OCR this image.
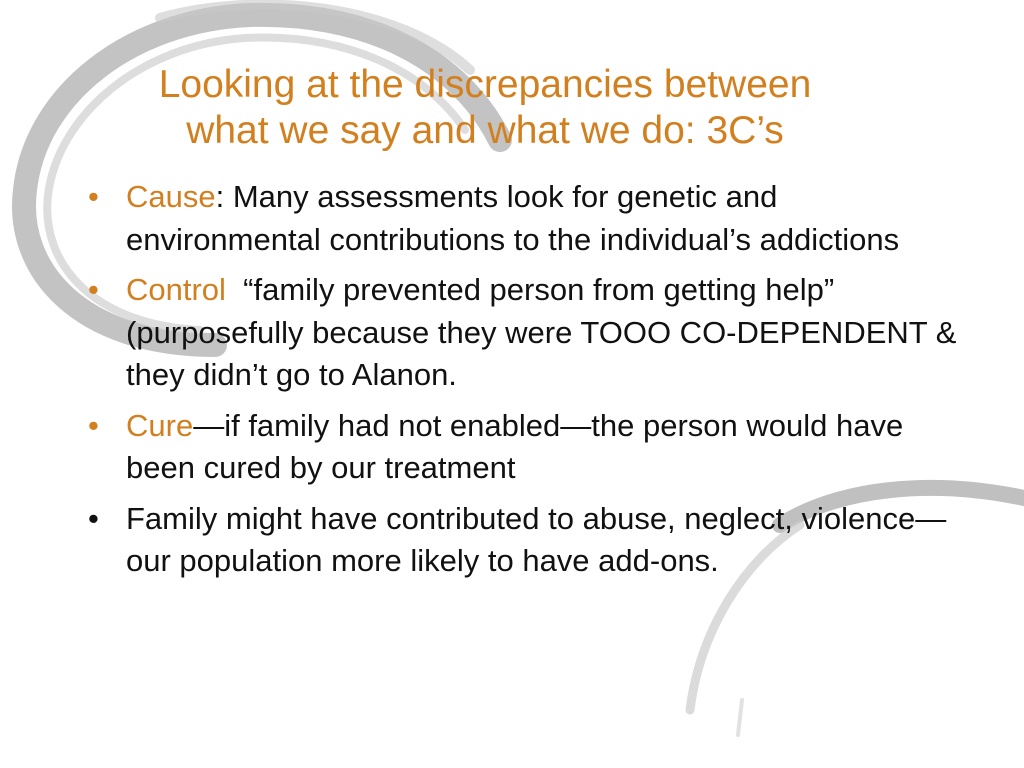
Looking at the discrepancies between
what we say and what we do: 3C’s
• Cause: Many assessments look for genetic and environmental contributions to the individual’s addictions
• Control  “family prevented person from getting help” (purposefully because they were TOOO CO-DEPENDENT & they didn’t go to Alanon.
• Cure—if family had not enabled—the person would have been cured by our treatment
• Family might have contributed to abuse, neglect, violence—our population more likely to have add-ons.
